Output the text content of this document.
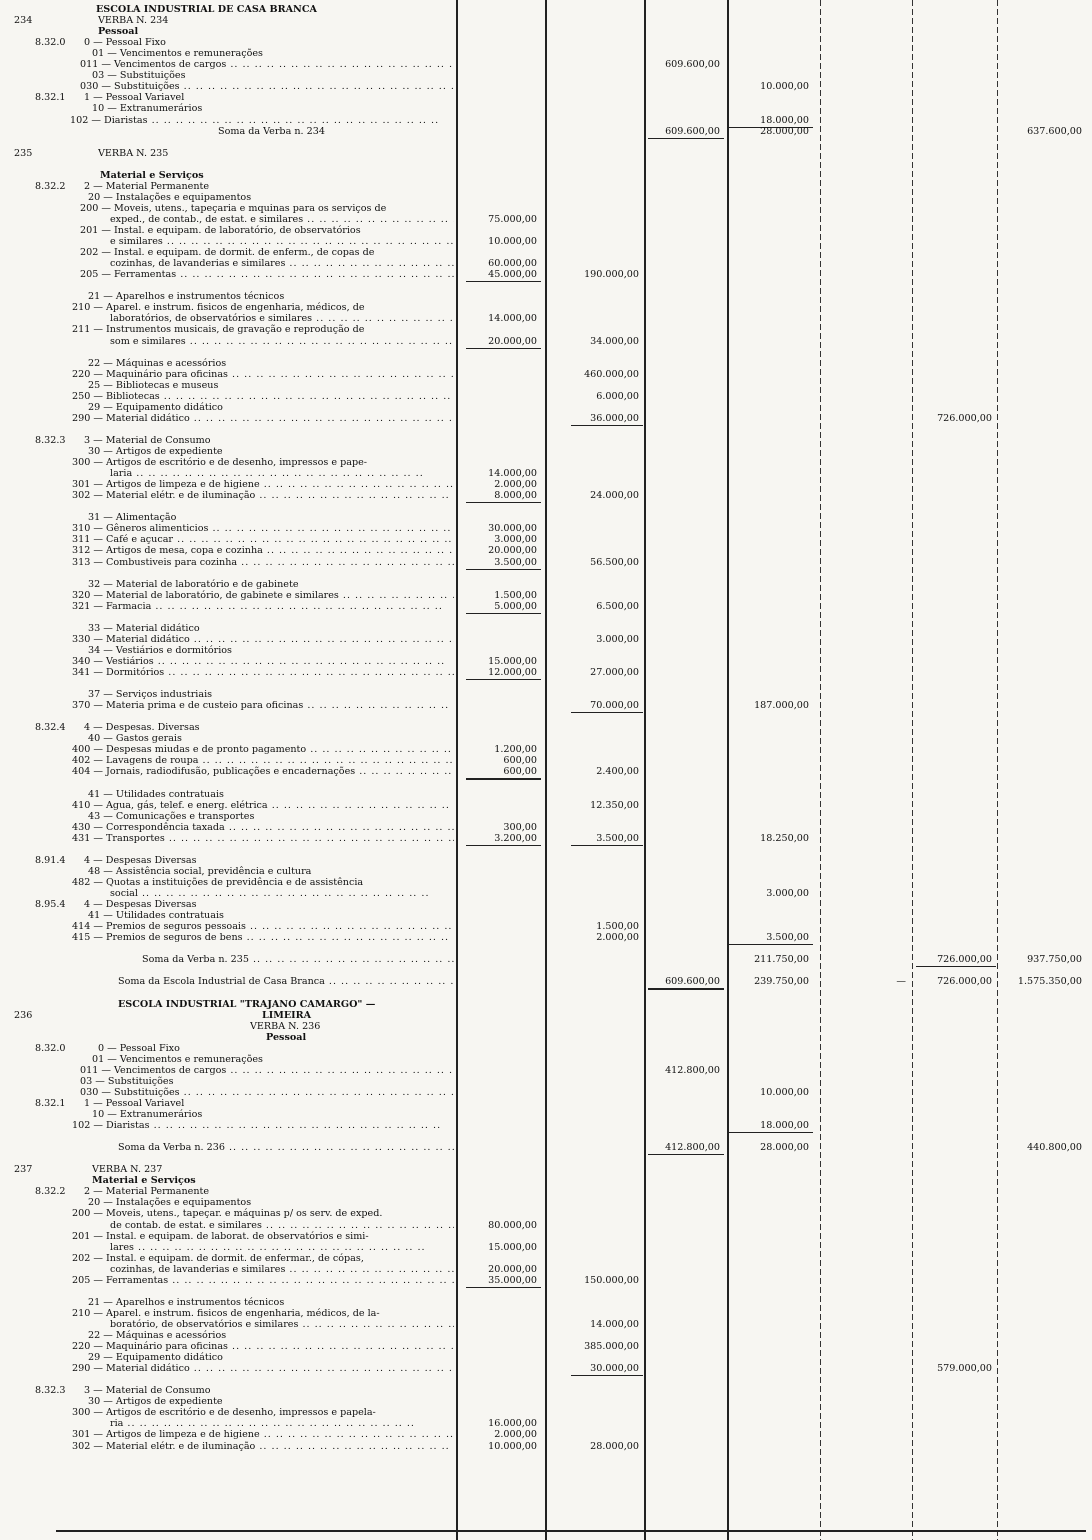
ESCOLA INDUSTRIAL DE CASA BRANCA
234	VERBA N. 234
Pessoal
8.32.0 0 — Pessoal Fixo
01 — Vencimentos e remunerações
011 — Vencimentos de cargos .. ..	609.600,00
03 — Substituições
030 — Substituições .. ..	10.000,00
8.32.1 1 — Pessoal Variavel
10 — Extranumerários
102 — Diaristas .. ..	18.000,00
Soma da Verba n. 234	609.600,00	28.000,00	637.600,00
235	VERBA N. 235
Material e Serviços
8.32.2 2 — Material Permanente
20 — Instalações e equipamentos
200 — Moveis, utens., tapeçaria e mquinas para os serviços de
exped., de contab., de estat. e similares .. ..	75.000,00
201 — Instal. e equipam. de laboratório, de observatórios
e similares .. ..	10.000,00
202 — Instal. e equipam. de dormit. de enferm., de copas de
cozinhas, de lavanderias e similares .. ..	60.000,00
205 — Ferramentas .. ..	45.000,00	190.000,00
21 — Aparelhos e instrumentos técnicos
210 — Aparel. e instrum. fisicos de engenharia, médicos, de
laboratórios, de observatórios e similares .. ..	14.000,00
211 — Instrumentos musicais, de gravação e reprodução de
som e similares .. ..	20.000,00	34.000,00
22 — Máquinas e acessórios
220 — Maquinário para oficinas .. ..	460.000,00
25 — Bibliotecas e museus
250 — Bibliotecas .. ..	6.000,00
29 — Equipamento didático
290 — Material didático .. ..	36.000,00	726.000,00
8.32.3 3 — Material de Consumo
30 — Artigos de expediente
300 — Artigos de escritório e de desenho, impressos e pape-
laria .. ..	14.000,00
301 — Artigos de limpeza e de higiene .. ..	2.000,00
302 — Material elétr. e de iluminação .. ..	8.000,00	24.000,00
31 — Alimentação
310 — Gêneros alimenticios .. ..	30.000,00
311 — Café e açucar .. ..	3.000,00
312 — Artigos de mesa, copa e cozinha .. ..	20.000,00
313 — Combustiveis para cozinha .. ..	3.500,00	56.500,00
32 — Material de laboratório e de gabinete
320 — Material de laboratório, de gabinete e similares .. ..	1.500,00
321 — Farmacia .. ..	5.000,00	6.500,00
33 — Material didático
330 — Material didático .. ..	3.000,00
34 — Vestiários e dormitórios
340 — Vestiários .. ..	15.000,00
341 — Dormitórios .. ..	12.000,00	27.000,00
37 — Serviços industriais
370 — Materia prima e de custeio para oficinas .. ..	70.000,00	187.000,00
8.32.4 4 — Despesas. Diversas
40 — Gastos gerais
400 — Despesas miudas e de pronto pagamento .. ..	1.200,00
402 — Lavagens de roupa .. ..	600,00
404 — Jornais, radiodifusão, publicações e encadernações .. ..	600,00	2.400,00
41 — Utilidades contratuais
410 — Agua, gás, telef. e energ. elétrica .. ..	12.350,00
43 — Comunicações e transportes
430 — Correspondência taxada .. ..	300,00
431 — Transportes .. ..	3.200,00	3.500,00	18.250,00
8.91.4 4 — Despesas Diversas
48 — Assistência social, previdência e cultura
482 — Quotas a instituições de previdência e de assistência
social .. ..	3.000,00
8.95.4 4 — Despesas Diversas
41 — Utilidades contratuais
414 — Premios de seguros pessoais .. ..	1.500,00
415 — Premios de seguros de bens .. ..	2.000,00	3.500,00
Soma da Verba n. 235 .. ..	211.750,00	726.000,00	937.750,00
Soma da Escola Industrial de Casa Branca .. ..	609.600,00	239.750,00	—	726.000,00	1.575.350,00
ESCOLA INDUSTRIAL "TRAJANO CAMARGO" —
236	LIMEIRA
VERBA N. 236
Pessoal
8.32.0	0 — Pessoal Fixo
01 — Vencimentos e remunerações
011 — Vencimentos de cargos .. ..	412.800,00
03 — Substituições
030 — Substituições .. ..	10.000,00
8.32.1 1 — Pessoal Variavel
10 — Extranumerários
102 — Diaristas .. ..	18.000,00
Soma da Verba n. 236 .. ..	412.800,00	28.000,00	440.800,00
237	VERBA N. 237
Material e Serviços
8.32.2 2 — Material Permanente
20 — Instalações e equipamentos
200 — Moveis, utens., tapeçar. e máquinas p/ os serv. de exped.
de contab. de estat. e similares .. ..	80.000,00
201 — Instal. e equipam. de laborat. de observatórios e simi-
lares .. ..	15.000,00
202 — Instal. e equipam. de dormit. de enfermar., de cópas,
cozinhas, de lavanderias e similares .. ..	20.000,00
205 — Ferramentas .. ..	35.000,00	150.000,00
21 — Aparelhos e instrumentos técnicos
210 — Aparel. e instrum. fisicos de engenharia, médicos, de la-
boratório, de observatórios e similares .. ..	14.000,00
22 — Máquinas e acessórios
220 — Maquinário para oficinas .. ..	385.000,00
29 — Equipamento didático
290 — Material didático .. ..	30.000,00	579.000,00
8.32.3 3 — Material de Consumo
30 — Artigos de expediente
300 — Artigos de escritório e de desenho, impressos e papela-
ria .. ..	16.000,00
301 — Artigos de limpeza e de higiene .. ..	2.000,00
302 — Material elétr. e de iluminação .. ..	10.000,00	28.000,00
